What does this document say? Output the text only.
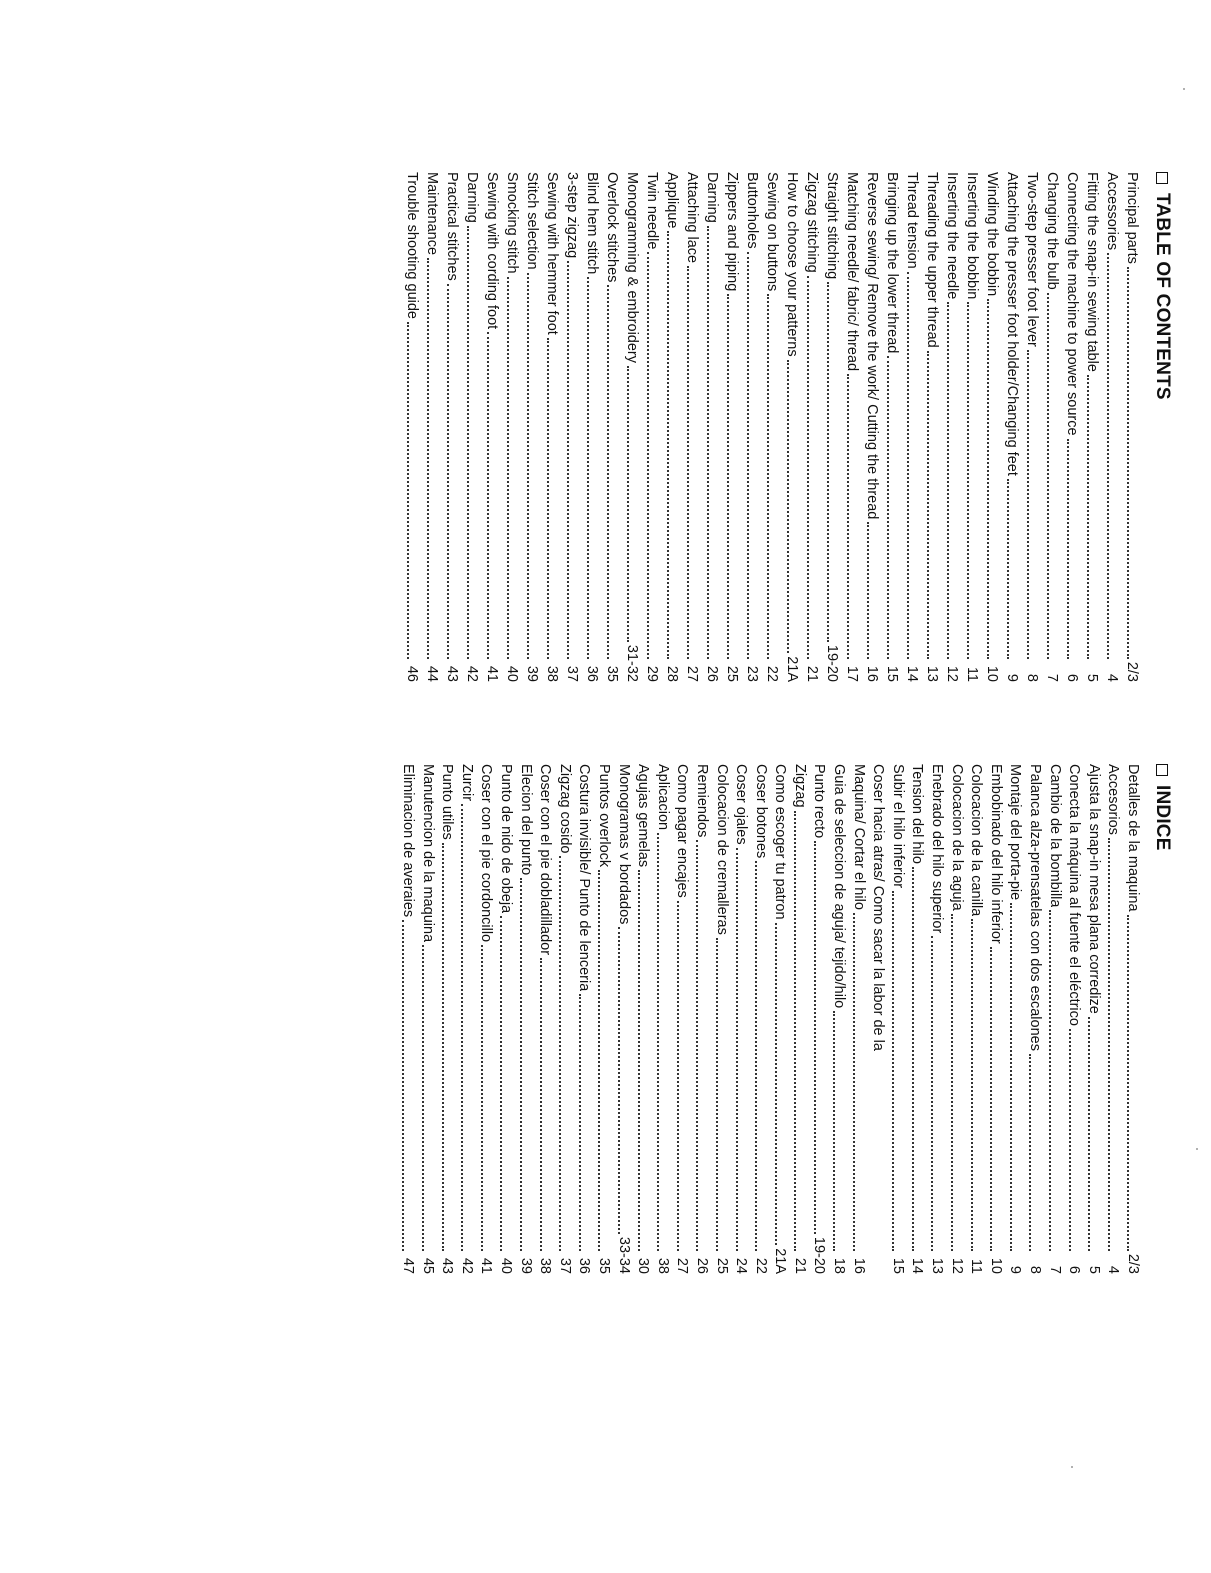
TABLE OF CONTENTS
Principal parts
2/3
Accessories
4
Fitting the snap-in sewing table
5
Connecting the machine to power source
6
Changing the bulb
7
Two-step presser foot lever
8
Attaching the presser foot holder/Changing feet
9
Winding the bobbin
10
Inserting the bobbin
11
Inserting the needle
12
Threading the upper thread
13
Thread tension
14
Bringing up the lower thread
15
Reverse sewing/ Remove the work/ Cutting the thread
16
Matching needle/ fabric/ thread
17
Straight stitching
19-20
Zigzag stitching
21
How to choose your patterns
21A
Sewing on buttons
22
Buttonholes
23
Zippers and piping
25
Darning
26
Attaching lace
27
Applique
28
Twin needle
29
Monogramming & embroidery
31-32
Overlock stitches
35
Blind hem stitch
36
3-step zigzag
37
Sewing with hemmer foot
38
Stitch selection
39
Smocking stitch
40
Sewing with cording foot
41
Darning
42
Practical stitches
43
Maintenance
44
Trouble shooting guide
46
INDICE
Detalles de la maquina
2/3
Accesorios
4
Ajusta la snap-in mesa plana corredize
5
Conecta la máquina al fuente el eléctrico
6
Cambio de la bombilla
7
Palanca alza-prensatelas con dos escalones
8
Montaje del porta-pie
9
Embobinado del hilo inferior
10
Colocacion de la canilla
11
Colocacion de la aguja
12
Enebrado del hilo superior
13
Tension del hilo
14
Subir el hilo inferior
15
Coser hacia atras/ Como sacar la labor de la
Maquina/ Cortar el hilo
16
Guia de seleccion de aguja/ tejido/hilo
18
Punto recto
19-20
Zigzag
21
Como escoger tu patron
21A
Coser botones
22
Coser ojales
24
Colocacion de cremalleras
25
Remiendos
26
Como pagar encajes
27
Aplicacion
38
Agujas gemelas
30
Monogramas v bordados
33-34
Puntos overlock
35
Costura invisible/ Punto de lenceria
36
Zigzag cosido
37
Coser con el pie dobladillador
38
Elecion del punto
39
Punto de nido de obeja
40
Coser con el pie cordoncillo
41
Zurcir
42
Punto utiles
43
Manutencion de la maquina
45
Eliminacion de averaies
47
